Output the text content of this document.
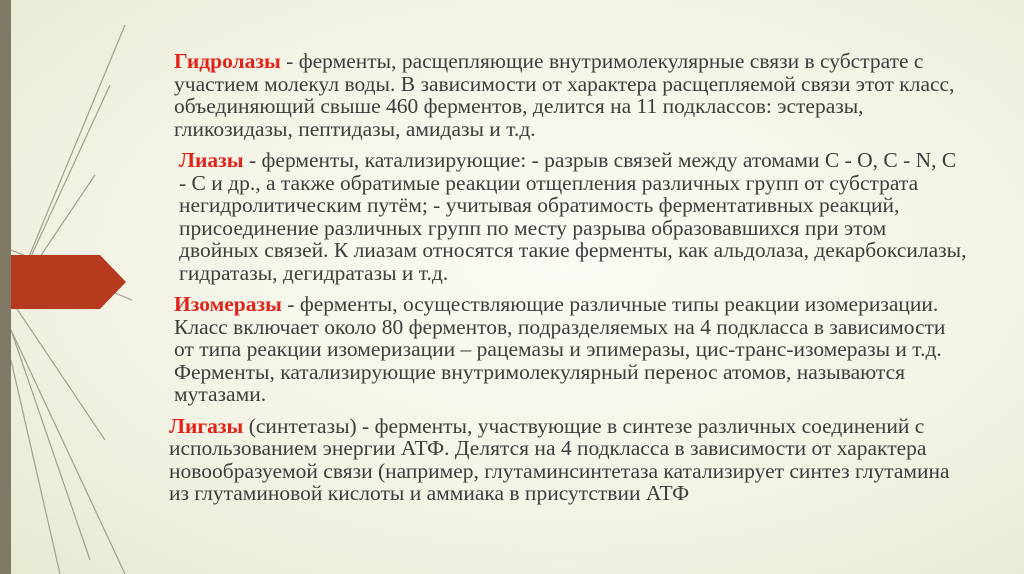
Гидролазы - ферменты, расщепляющие внутримолекулярные связи в субстрате с участием молекул воды. В зависимости от характера расщепляемой связи этот класс, объединяющий свыше 460 ферментов, делится на 11 подклассов: эстеразы, гликозидазы, пептидазы, амидазы и т.д.

Лиазы - ферменты, катализирующие: - разрыв связей между атомами С - О, С - N, С - С и др., а также обратимые реакции отщепления различных групп от субстрата негидролитическим путём; - учитывая обратимость ферментативных реакций, присоединение различных групп по месту разрыва образовавшихся при этом двойных связей. К лиазам относятся такие ферменты, как альдолаза, декарбоксилазы, гидратазы, дегидратазы и т.д.

Изомеразы - ферменты, осуществляющие различные типы реакции изомеризации. Класс включает около 80 ферментов, подразделяемых на 4 подкласса в зависимости от типа реакции изомеризации – рацемазы и эпимеразы, цис-транс-изомеразы и т.д. Ферменты, катализирующие внутримолекулярный перенос атомов, называются мутазами.

Лигазы (синтетазы) - ферменты, участвующие в синтезе различных соединений с использованием энергии АТФ. Делятся на 4 подкласса в зависимости от характера новообразуемой связи (например, глутаминсинтетаза катализирует синтез глутамина из глутаминовой кислоты и аммиака в присутствии АТФ
